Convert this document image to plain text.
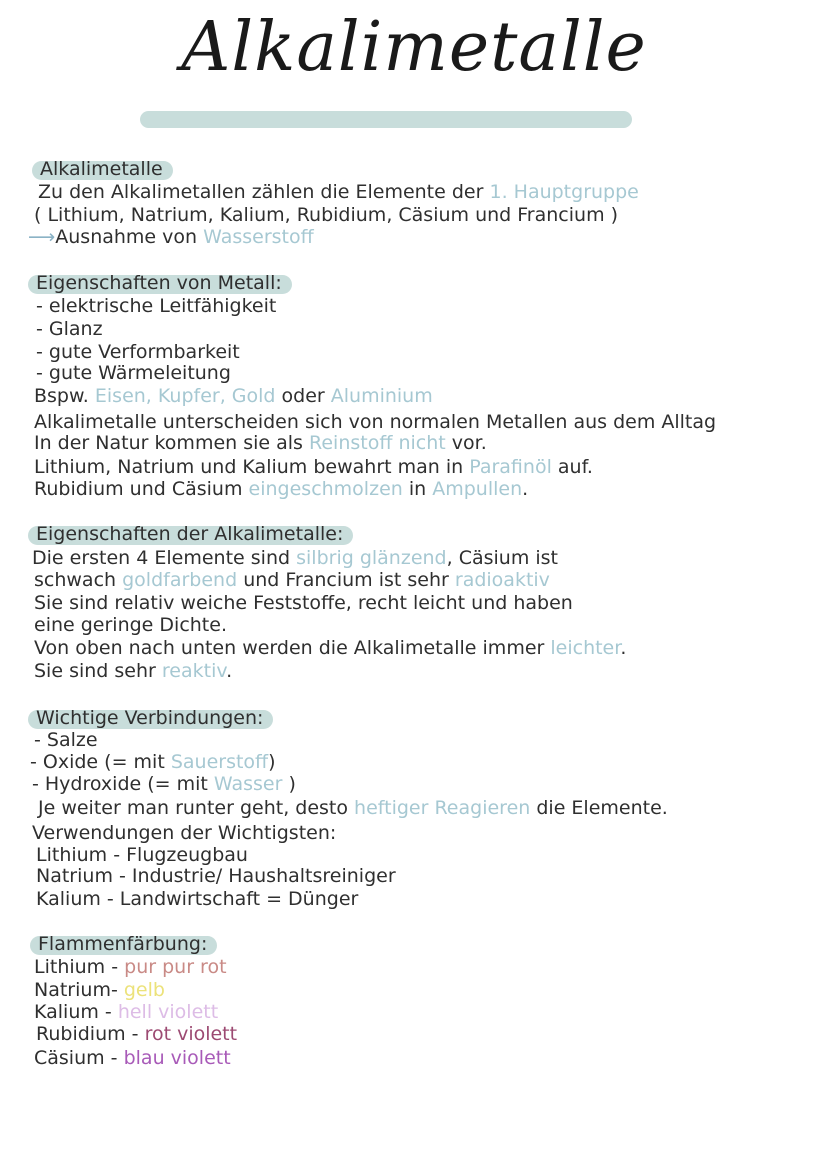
Alkalimetalle
Alkalimetalle
Zu den Alkalimetallen zählen die Elemente der 1. Hauptgruppe
( Lithium, Natrium, Kalium, Rubidium, Cäsium und Francium )
⟶Ausnahme von Wasserstoff
Eigenschaften von Metall:
- elektrische Leitfähigkeit
- Glanz
- gute Verformbarkeit
- gute Wärmeleitung
Bspw. Eisen, Kupfer, Gold oder Aluminium
Alkalimetalle unterscheiden sich von normalen Metallen aus dem Alltag
In der Natur kommen sie als Reinstoff nicht vor.
Lithium, Natrium und Kalium bewahrt man in Parafinöl auf.
Rubidium und Cäsium eingeschmolzen in Ampullen.
Eigenschaften der Alkalimetalle:
Die ersten 4 Elemente sind silbrig glänzend, Cäsium ist
schwach goldfarbend und Francium ist sehr radioaktiv
Sie sind relativ weiche Feststoffe, recht leicht und haben
eine geringe Dichte.
Von oben nach unten werden die Alkalimetalle immer leichter.
Sie sind sehr reaktiv.
Wichtige Verbindungen:
- Salze
- Oxide (= mit Sauerstoff)
- Hydroxide (= mit Wasser )
Je weiter man runter geht, desto heftiger Reagieren die Elemente.
Verwendungen der Wichtigsten:
Lithium - Flugzeugbau
Natrium - Industrie/ Haushaltsreiniger
Kalium - Landwirtschaft = Dünger
Flammenfärbung:
Lithium - pur pur rot
Natrium- gelb
Kalium - hell violett
Rubidium - rot violett
Cäsium - blau violett
